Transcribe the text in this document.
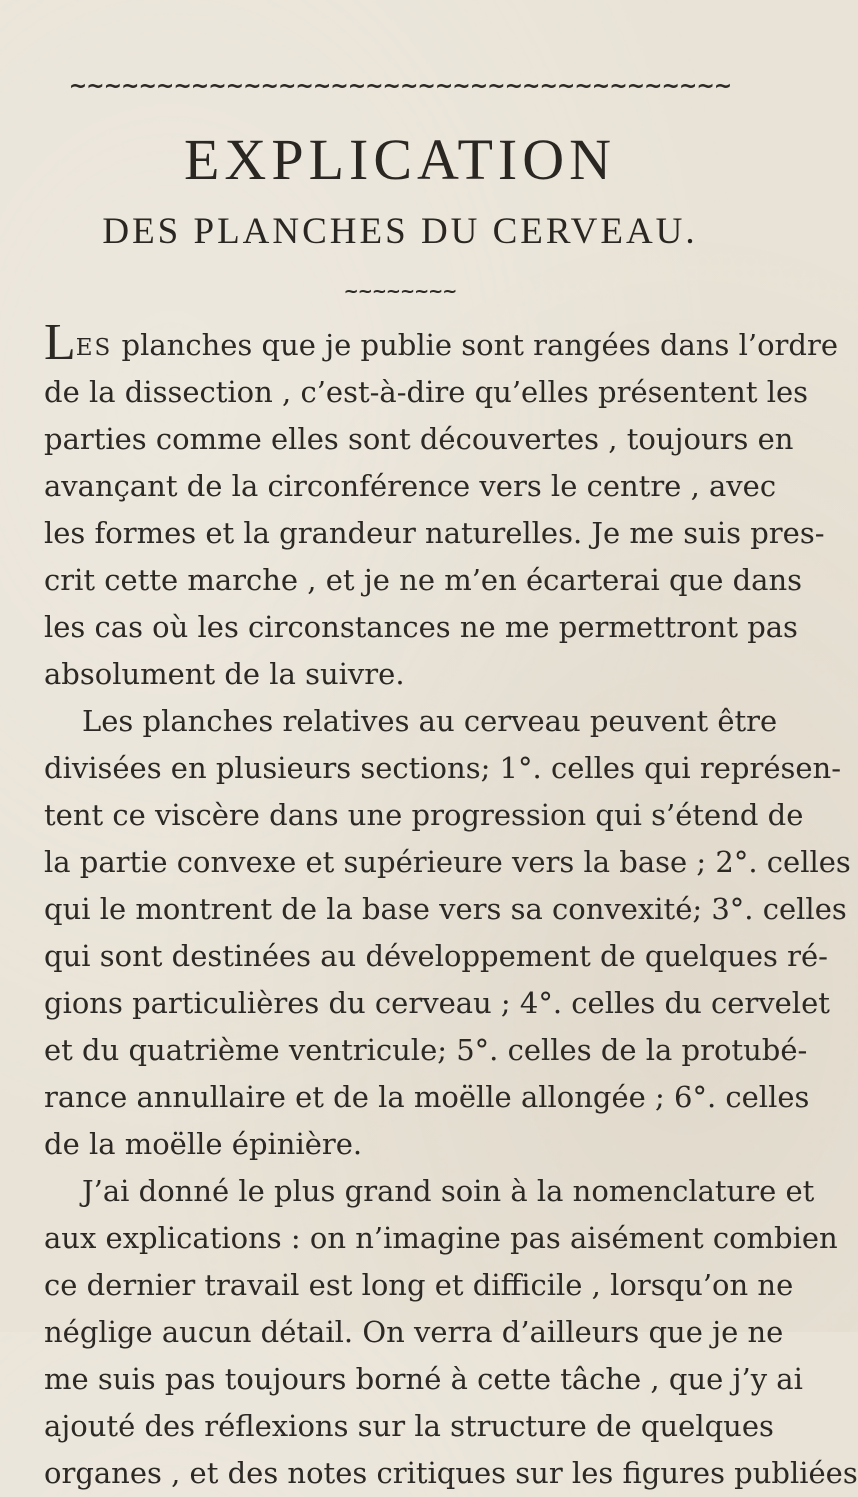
~~~~~~~~~~~~~~~~~~~~~~~~~~~~~~~~~~~~~~
EXPLICATION
DES PLANCHES DU CERVEAU.
~~~~~~~~
LES planches que je publie sont rangées dans l’ordre
de la dissection , c’est-à-dire qu’elles présentent les
parties comme elles sont découvertes , toujours en
avançant de la circonférence vers le centre , avec
les formes et la grandeur naturelles. Je me suis pres-
crit cette marche , et je ne m’en écarterai que dans
les cas où les circonstances ne me permettront pas
absolument de la suivre.
Les planches relatives au cerveau peuvent être
divisées en plusieurs sections; 1°. celles qui représen-
tent ce viscère dans une progression qui s’étend de
la partie convexe et supérieure vers la base ; 2°. celles
qui le montrent de la base vers sa convexité; 3°. celles
qui sont destinées au développement de quelques ré-
gions particulières du cerveau ; 4°. celles du cervelet
et du quatrième ventricule; 5°. celles de la protubé-
rance annullaire et de la moëlle allongée ; 6°. celles
de la moëlle épinière.
J’ai donné le plus grand soin à la nomenclature et
aux explications : on n’imagine pas aisément combien
ce dernier travail est long et difficile , lorsqu’on ne
néglige aucun détail. On verra d’ailleurs que je ne
me suis pas toujours borné à cette tâche , que j’y ai
ajouté des réflexions sur la structure de quelques
organes , et des notes critiques sur les figures publiées
